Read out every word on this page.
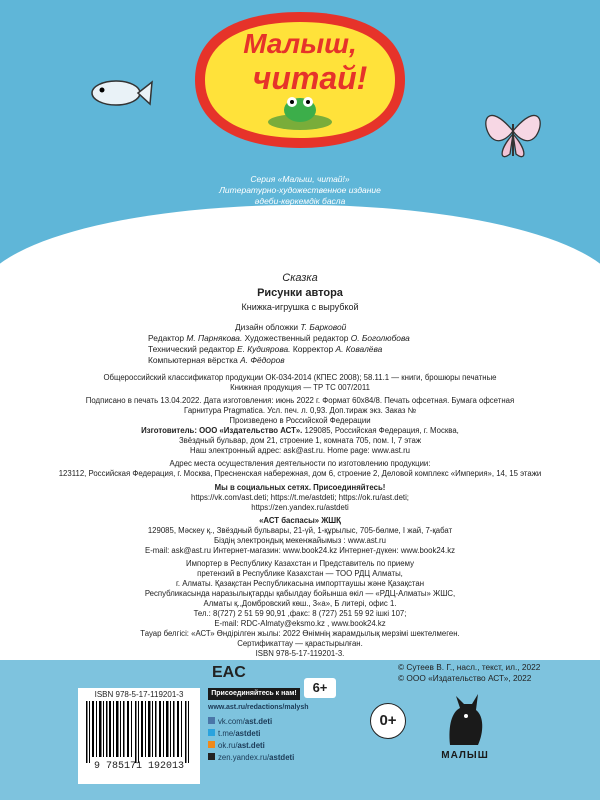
Малыш,
читай!
Серия «Малыш, читай!»
Литературно-художественное издание
әдеби-көркемдік басла
Для дошкольного возраста
Владимир Григорьевич Сутеев
ТРИ КОТЁНКА
Сказка
Рисунки автора
Книжка-игрушка с вырубкой
Дизайн обложки Т. Барковой
Редактор М. Парнякова. Художественный редактор О. Боголюбова
Технический редактор Е. Кудиярова. Корректор А. Ковалёва
Компьютерная вёрстка А. Фёдоров
Общероссийский классификатор продукции ОК-034-2014 (КПЕС 2008); 58.11.1 — книги, брошюры печатные
Книжная продукция — ТР ТС 007/2011
Подписано в печать 13.04.2022. Дата изготовления: июнь 2022 г. Формат 60x84/8. Печать офсетная. Бумага офсетная
Гарнитура Pragmatica. Усл. печ. л. 0,93. Доп.тираж экз. Заказ №
Произведено в Российской Федерации
Изготовитель: ООО «Издательство АСТ». 129085, Российская Федерация, г. Москва,
Звёздный бульвар, дом 21, строение 1, комната 705, пом. I, 7 этаж
Наш электронный адрес: ask@ast.ru. Home page: www.ast.ru
Адрес места осуществления деятельности по изготовлению продукции:
123112, Российская Федерация, г. Москва, Пресненская набережная, дом 6, строение 2, Деловой комплекс «Империя», 14, 15 этажи
Мы в социальных сетях. Присоединяйтесь!
https://vk.com/ast.deti; https://t.me/astdeti; https://ok.ru/ast.deti;
https://zen.yandex.ru/astdeti
«АСТ баспасы» ЖШҚ
129085, Мәскеу қ., Звёздный бульвары, 21-үй, 1-құрылыс, 705-бөлме, I жай, 7-қабат
Біздің электрондық мекенжайымыз : www.ast.ru
E-mail: ask@ast.ru Интернет-магазин: www.book24.kz Интернет-дүкен: www.book24.kz
Импортер в Республику Казахстан и Представитель по приему
претензий в Республике Казахстан — ТОО РДЦ Алматы,
г. Алматы. Қазақстан Республикасына импорттаушы және Қазақстан
Республикасында наразылықтарды қабылдау бойынша өкіл — «РДЦ-Алматы» ЖШС,
Алматы қ.,Домбровский көш., 3«а», Б литері, офис 1.
Тел.: 8(727) 2 51 59 90,91 ,факс: 8 (727) 251 59 92 ішкі 107;
E-mail: RDC-Almaty@eksmo.kz , www.book24.kz
Тауар белгісі: «АСТ» Өндірілген жылы: 2022 Өнімнің жарамдылық мерзімі шектелмеген.
Сертификаттау — қарастырылған.
ISBN 978-5-17-119201-3.
ISBN 978-5-17-119201-3
9 785171 192013
EAC
6+
Присоединяйтесь к нам!
www.ast.ru/redactions/malysh
vk.com/ast.deti
t.me/astdeti
ok.ru/ast.deti
zen.yandex.ru/astdeti
0+
© Сутеев В. Г., насл., текст, ил., 2022
© ООО «Издательство АСТ», 2022
МАЛЫШ
